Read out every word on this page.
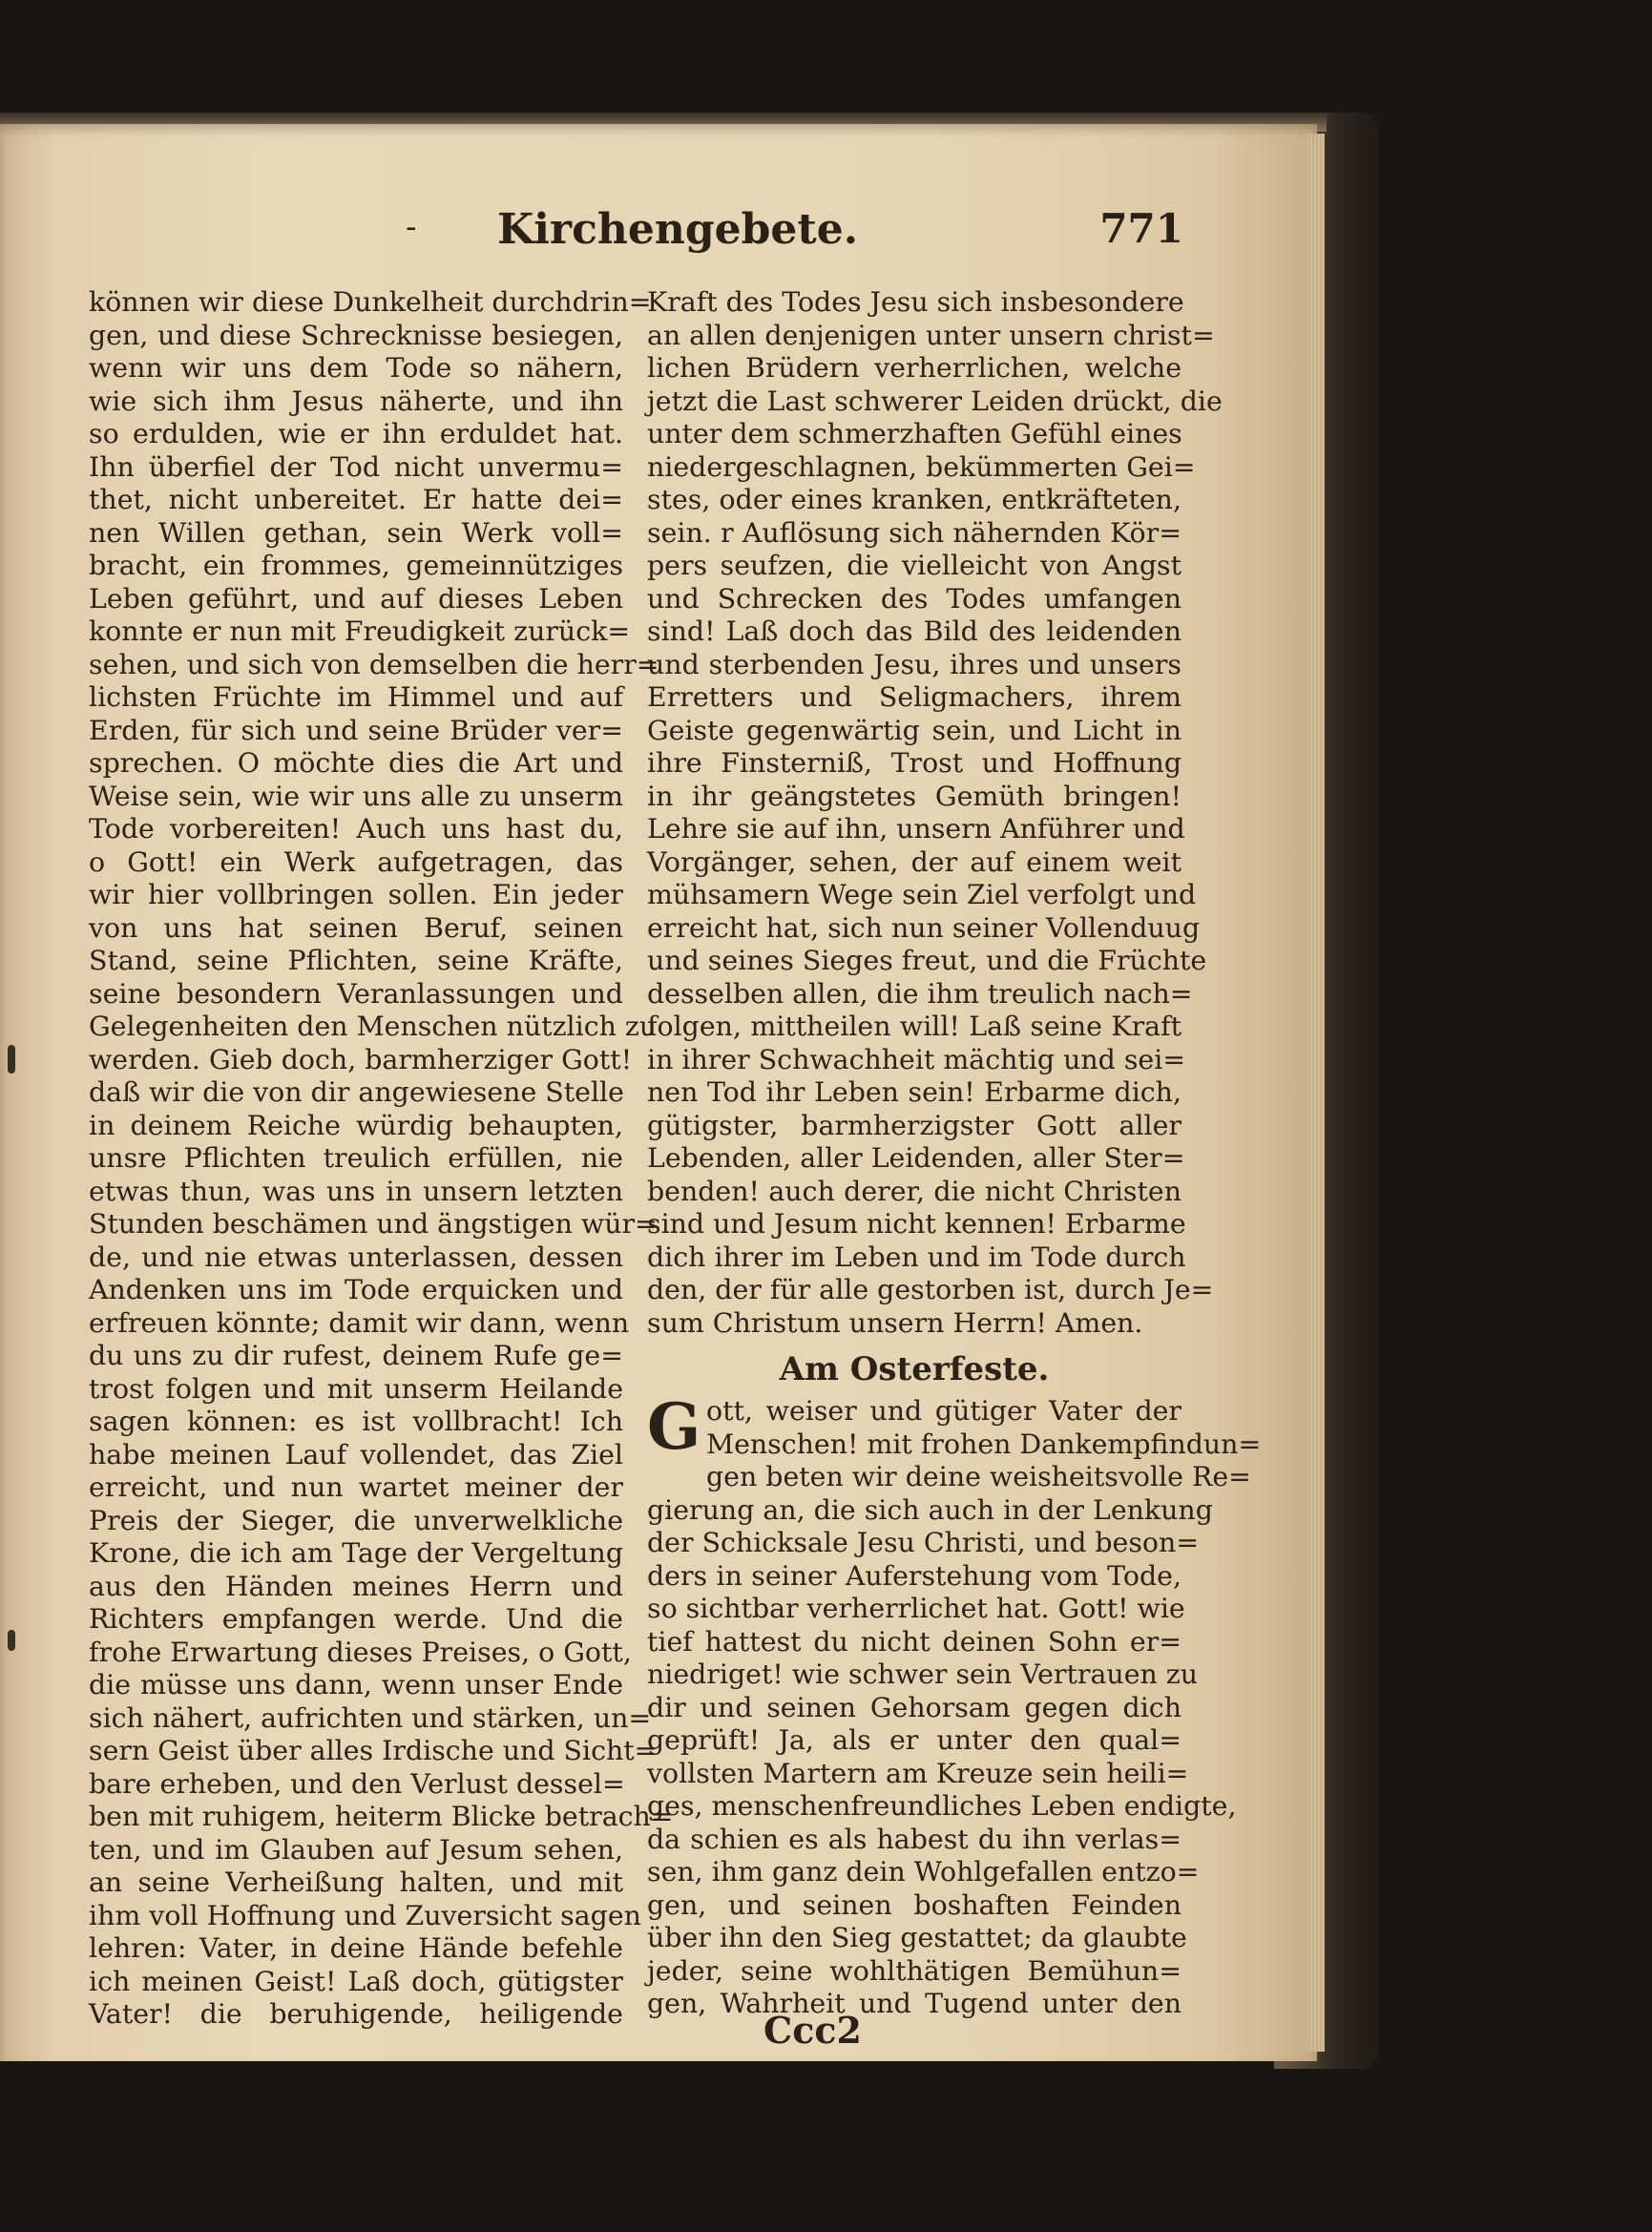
-	Kirchengebete.	771
können wir diese Dunkelheit durchdrin=
gen, und diese Schrecknisse besiegen,
wenn wir uns dem Tode so nähern,
wie sich ihm Jesus näherte, und ihn
so erdulden, wie er ihn erduldet hat.
Ihn überfiel der Tod nicht unvermu=
thet, nicht unbereitet. Er hatte dei=
nen Willen gethan, sein Werk voll=
bracht, ein frommes, gemeinnütziges
Leben geführt, und auf dieses Leben
konnte er nun mit Freudigkeit zurück=
sehen, und sich von demselben die herr=
lichsten Früchte im Himmel und auf
Erden, für sich und seine Brüder ver=
sprechen. O möchte dies die Art und
Weise sein, wie wir uns alle zu unserm
Tode vorbereiten! Auch uns hast du,
o Gott! ein Werk aufgetragen, das
wir hier vollbringen sollen. Ein jeder
von uns hat seinen Beruf, seinen
Stand, seine Pflichten, seine Kräfte,
seine besondern Veranlassungen und
Gelegenheiten den Menschen nützlich zu
werden. Gieb doch, barmherziger Gott!
daß wir die von dir angewiesene Stelle
in deinem Reiche würdig behaupten,
unsre Pflichten treulich erfüllen, nie
etwas thun, was uns in unsern letzten
Stunden beschämen und ängstigen wür=
de, und nie etwas unterlassen, dessen
Andenken uns im Tode erquicken und
erfreuen könnte; damit wir dann, wenn
du uns zu dir rufest, deinem Rufe ge=
trost folgen und mit unserm Heilande
sagen können: es ist vollbracht! Ich
habe meinen Lauf vollendet, das Ziel
erreicht, und nun wartet meiner der
Preis der Sieger, die unverwelkliche
Krone, die ich am Tage der Vergeltung
aus den Händen meines Herrn und
Richters empfangen werde. Und die
frohe Erwartung dieses Preises, o Gott,
die müsse uns dann, wenn unser Ende
sich nähert, aufrichten und stärken, un=
sern Geist über alles Irdische und Sicht=
bare erheben, und den Verlust dessel=
ben mit ruhigem, heiterm Blicke betrach=
ten, und im Glauben auf Jesum sehen,
an seine Verheißung halten, und mit
ihm voll Hoffnung und Zuversicht sagen
lehren: Vater, in deine Hände befehle
ich meinen Geist! Laß doch, gütigster
Vater! die beruhigende, heiligende
Kraft des Todes Jesu sich insbesondere
an allen denjenigen unter unsern christ=
lichen Brüdern verherrlichen, welche
jetzt die Last schwerer Leiden drückt, die
unter dem schmerzhaften Gefühl eines
niedergeschlagnen, bekümmerten Gei=
stes, oder eines kranken, entkräfteten,
sein. r Auflösung sich nähernden Kör=
pers seufzen, die vielleicht von Angst
und Schrecken des Todes umfangen
sind! Laß doch das Bild des leidenden
und sterbenden Jesu, ihres und unsers
Erretters und Seligmachers, ihrem
Geiste gegenwärtig sein, und Licht in
ihre Finsterniß, Trost und Hoffnung
in ihr geängstetes Gemüth bringen!
Lehre sie auf ihn, unsern Anführer und
Vorgänger, sehen, der auf einem weit
mühsamern Wege sein Ziel verfolgt und
erreicht hat, sich nun seiner Vollenduug
und seines Sieges freut, und die Früchte
desselben allen, die ihm treulich nach=
folgen, mittheilen will! Laß seine Kraft
in ihrer Schwachheit mächtig und sei=
nen Tod ihr Leben sein! Erbarme dich,
gütigster, barmherzigster Gott aller
Lebenden, aller Leidenden, aller Ster=
benden! auch derer, die nicht Christen
sind und Jesum nicht kennen! Erbarme
dich ihrer im Leben und im Tode durch
den, der für alle gestorben ist, durch Je=
sum Christum unsern Herrn! Amen.
Am Osterfeste.
G ott, weiser und gütiger Vater der
Menschen! mit frohen Dankempfindun=
gen beten wir deine weisheitsvolle Re=
gierung an, die sich auch in der Lenkung
der Schicksale Jesu Christi, und beson=
ders in seiner Auferstehung vom Tode,
so sichtbar verherrlichet hat. Gott! wie
tief hattest du nicht deinen Sohn er=
niedriget! wie schwer sein Vertrauen zu
dir und seinen Gehorsam gegen dich
geprüft! Ja, als er unter den qual=
vollsten Martern am Kreuze sein heili=
ges, menschenfreundliches Leben endigte,
da schien es als habest du ihn verlas=
sen, ihm ganz dein Wohlgefallen entzo=
gen, und seinen boshaften Feinden
über ihn den Sieg gestattet; da glaubte
jeder, seine wohlthätigen Bemühun=
gen, Wahrheit und Tugend unter den
Ccc2
